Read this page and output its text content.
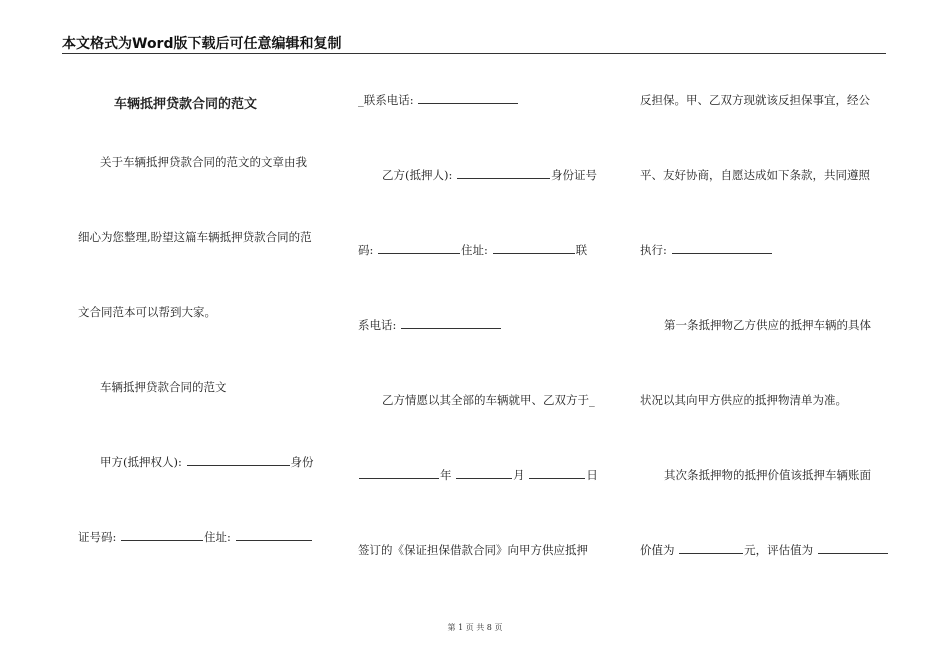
本文格式为Word版下载后可任意编辑和复制
车辆抵押贷款合同的范文
关于车辆抵押贷款合同的范文的文章由我
细心为您整理,盼望这篇车辆抵押贷款合同的范
文合同范本可以帮到大家。
车辆抵押贷款合同的范文
甲方(抵押权人):	身份
证号码:	住址:
_联系电话:
乙方(抵押人):	身份证号
码:	住址:	联
系电话:
乙方情愿以其全部的车辆就甲、乙双方于_
年	月	日
签订的《保证担保借款合同》向甲方供应抵押
反担保。甲、乙双方现就该反担保事宜，经公
平、友好协商，自愿达成如下条款，共同遵照
执行:
第一条抵押物乙方供应的抵押车辆的具体
状况以其向甲方供应的抵押物清单为准。
其次条抵押物的抵押价值该抵押车辆账面
价值为	元，评估值为
第 1 页 共 8 页
